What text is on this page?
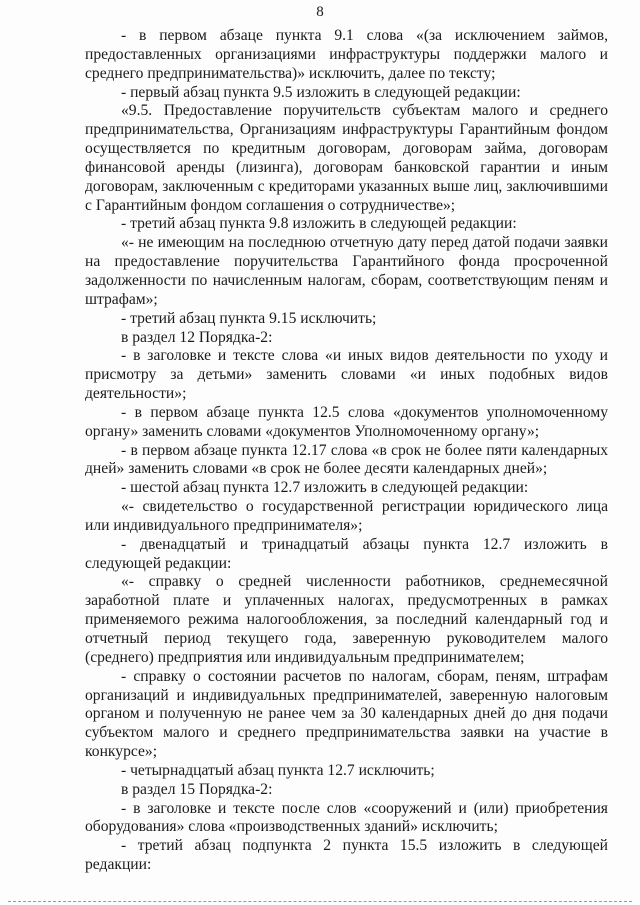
8

- в первом абзаце пункта 9.1 слова «(за исключением займов, предоставленных организациями инфраструктуры поддержки малого и среднего предпринимательства)» исключить, далее по тексту;

- первый абзац пункта 9.5 изложить в следующей редакции:

«9.5. Предоставление поручительств субъектам малого и среднего предпринимательства, Организациям инфраструктуры Гарантийным фондом осуществляется по кредитным договорам, договорам займа, договорам финансовой аренды (лизинга), договорам банковской гарантии и иным договорам, заключенным с кредиторами указанных выше лиц, заключившими с Гарантийным фондом соглашения о сотрудничестве»;

- третий абзац пункта 9.8 изложить в следующей редакции:

«- не имеющим на последнюю отчетную дату перед датой подачи заявки на предоставление поручительства Гарантийного фонда просроченной задолженности по начисленным налогам, сборам, соответствующим пеням и штрафам»;

- третий абзац пункта 9.15 исключить;

в раздел 12 Порядка-2:

- в заголовке и тексте слова «и иных видов деятельности по уходу и присмотру за детьми» заменить словами «и иных подобных видов деятельности»;

- в первом абзаце пункта 12.5 слова «документов уполномоченному органу» заменить словами «документов Уполномоченному органу»;

- в первом абзаце пункта 12.17 слова «в срок не более пяти календарных дней» заменить словами «в срок не более десяти календарных дней»;

- шестой абзац пункта 12.7 изложить в следующей редакции:

«- свидетельство о государственной регистрации юридического лица или индивидуального предпринимателя»;

- двенадцатый и тринадцатый абзацы пункта 12.7 изложить в следующей редакции:

«- справку о средней численности работников, среднемесячной заработной плате и уплаченных налогах, предусмотренных в рамках применяемого режима налогообложения, за последний календарный год и отчетный период текущего года, заверенную руководителем малого (среднего) предприятия или индивидуальным предпринимателем;

- справку о состоянии расчетов по налогам, сборам, пеням, штрафам организаций и индивидуальных предпринимателей, заверенную налоговым органом и полученную не ранее чем за 30 календарных дней до дня подачи субъектом малого и среднего предпринимательства заявки на участие в конкурсе»;

- четырнадцатый абзац пункта 12.7 исключить;

в раздел 15 Порядка-2:

- в заголовке и тексте после слов «сооружений и (или) приобретения оборудования» слова «производственных зданий» исключить;

- третий абзац подпункта 2 пункта 15.5 изложить в следующей редакции:
